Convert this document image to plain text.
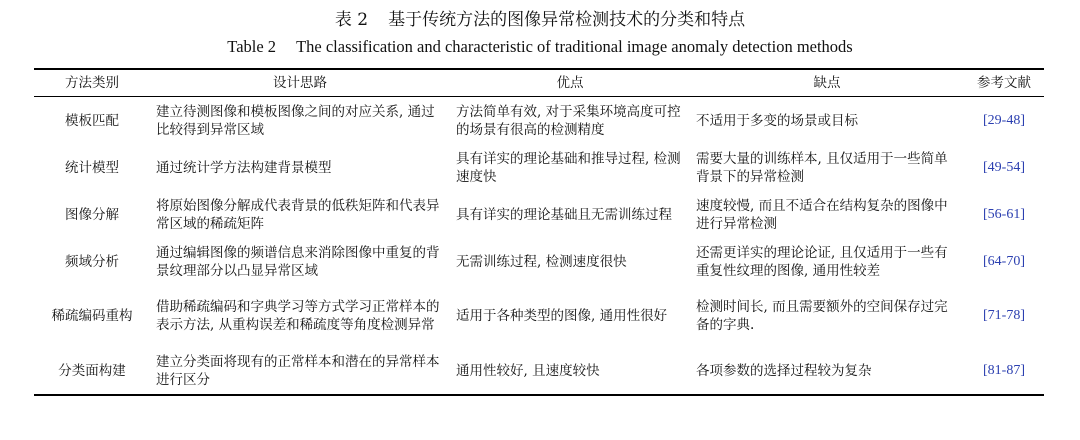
表 2 基于传统方法的图像异常检测技术的分类和特点
Table 2 The classification and characteristic of traditional image anomaly detection methods
方法类别	设计思路	优点	缺点	参考文献
模板匹配	建立待测图像和模板图像之间的对应关系, 通过比较得到异常区域	方法简单有效, 对于采集环境高度可控的场景有很高的检测精度	不适用于多变的场景或目标	[29-48]
统计模型	通过统计学方法构建背景模型	具有详实的理论基础和推导过程, 检测速度快	需要大量的训练样本, 且仅适用于一些简单背景下的异常检测	[49-54]
图像分解	将原始图像分解成代表背景的低秩矩阵和代表异常区域的稀疏矩阵	具有详实的理论基础且无需训练过程	速度较慢, 而且不适合在结构复杂的图像中进行异常检测	[56-61]
频域分析	通过编辑图像的频谱信息来消除图像中重复的背景纹理部分以凸显异常区域	无需训练过程, 检测速度很快	还需更详实的理论论证, 且仅适用于一些有重复性纹理的图像, 通用性较差	[64-70]
稀疏编码重构	借助稀疏编码和字典学习等方式学习正常样本的表示方法, 从重构误差和稀疏度等角度检测异常	适用于各种类型的图像, 通用性很好	检测时间长, 而且需要额外的空间保存过完备的字典.	[71-78]
分类面构建	建立分类面将现有的正常样本和潜在的异常样本进行区分	通用性较好, 且速度较快	各项参数的选择过程较为复杂	[81-87]
